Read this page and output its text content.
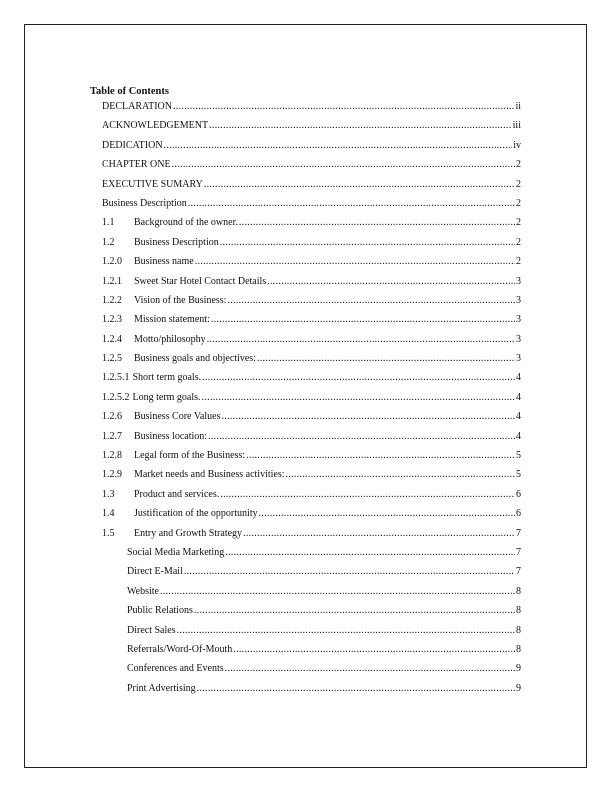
Table of Contents
DECLARATION .....	ii
ACKNOWLEDGEMENT .....	iii
DEDICATION .....	iv
CHAPTER ONE .....	2
EXECUTIVE SUMARY .....	2
Business Description .....	2
1.1	Background of the owner. .....	2
1.2	Business Description .....	2
1.2.0	Business name .....	2
1.2.1	Sweet Star Hotel Contact Details .....	3
1.2.2	Vision of the Business: .....	3
1.2.3	Mission statement: .....	3
1.2.4	Motto/philosophy .....	3
1.2.5	Business goals and objectives: .....	3
1.2.5.1 Short term goals. .....	4
1.2.5.2 Long term goals. .....	4
1.2.6	Business Core Values .....	4
1.2.7	Business location: .....	4
1.2.8	Legal form of the Business: .....	5
1.2.9	Market needs and Business activities: .....	5
1.3	Product and services. .....	6
1.4	Justification of the opportunity .....	6
1.5	Entry and Growth Strategy .....	7
Social Media Marketing .....	7
Direct E-Mail .....	7
Website .....	8
Public Relations .....	8
Direct Sales .....	8
Referrals/Word-Of-Mouth .....	8
Conferences and Events .....	9
Print Advertising .....	9
